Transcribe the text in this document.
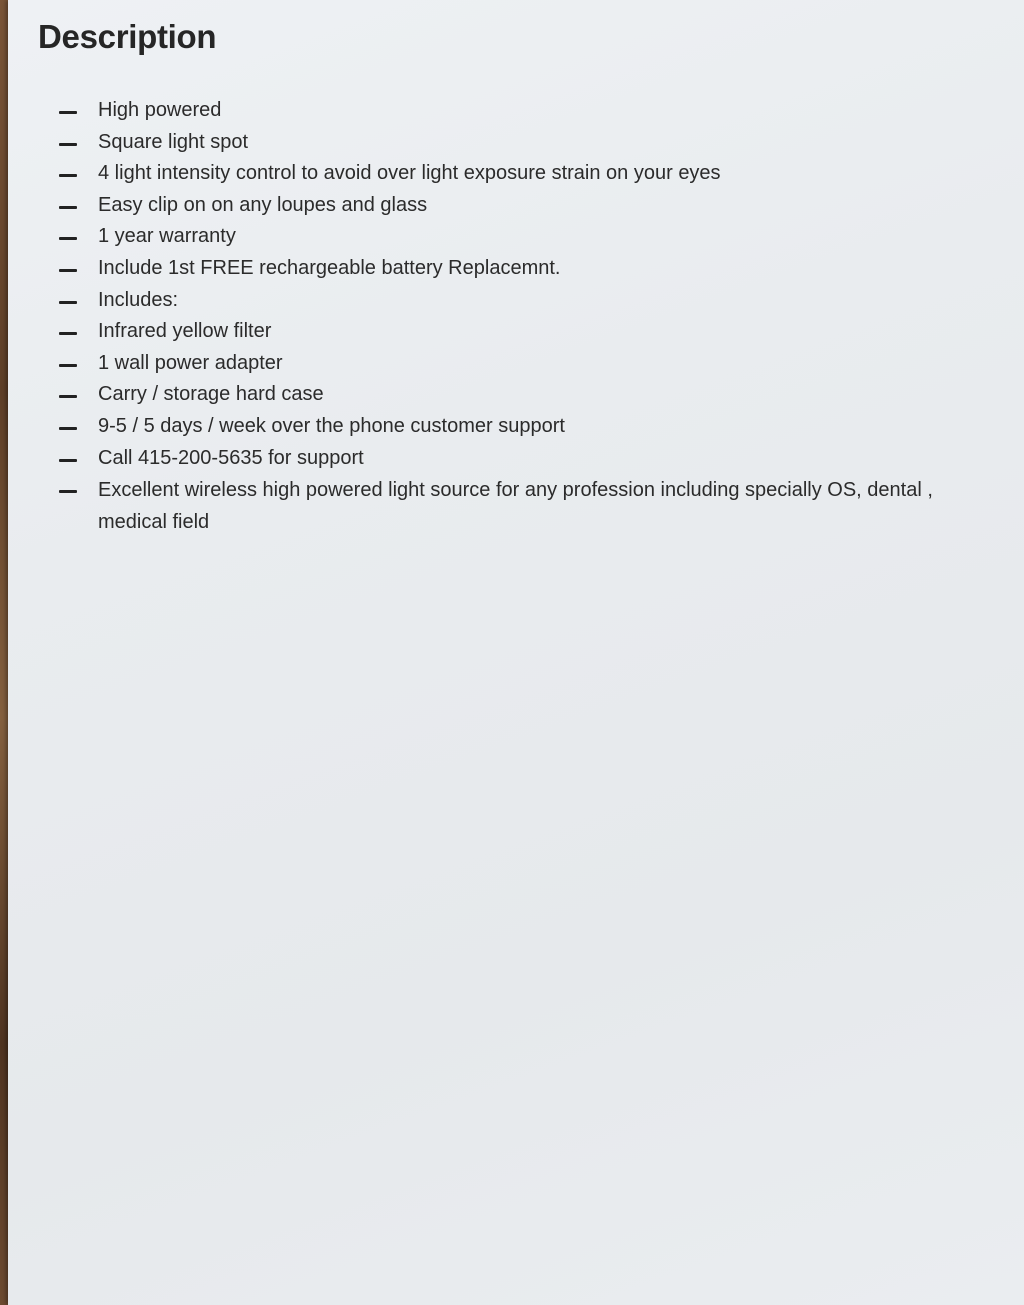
Description
High powered
Square light spot
4 light intensity control to avoid over light exposure strain on your eyes
Easy clip on on any loupes and glass
1 year warranty
Include 1st FREE rechargeable battery Replacemnt.
Includes:
Infrared yellow filter
1 wall power adapter
Carry / storage hard case
9-5 / 5 days / week over the phone customer support
Call 415-200-5635 for support
Excellent wireless high powered light source for any profession including specially OS, dental , medical field
